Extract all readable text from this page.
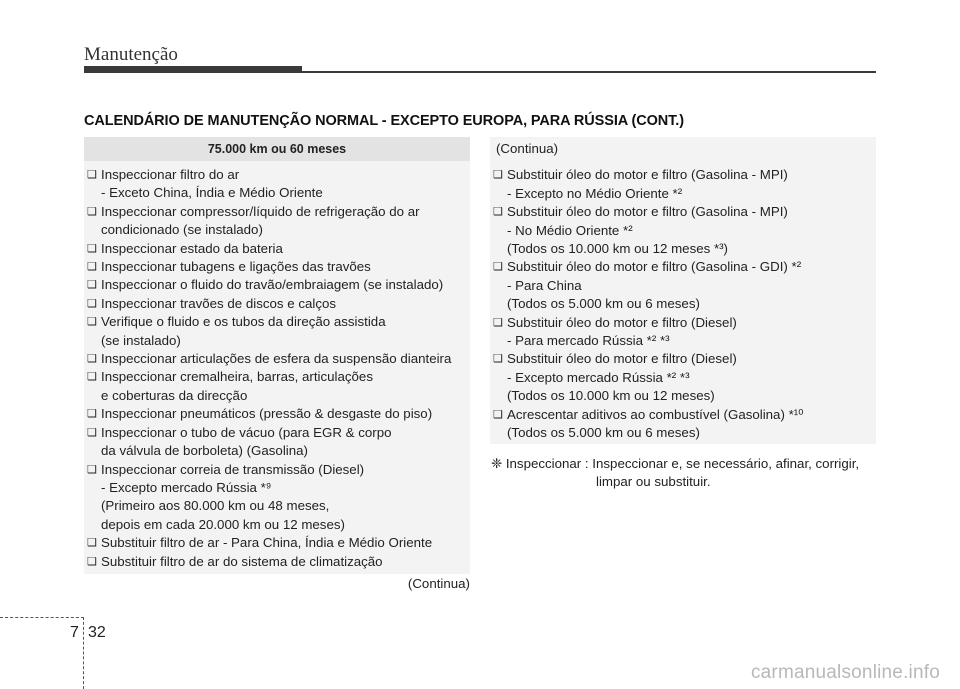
Manutenção
CALENDÁRIO DE MANUTENÇÃO NORMAL - EXCEPTO EUROPA, PARA RÚSSIA (CONT.)
75.000 km ou 60 meses
❑ Inspeccionar filtro do ar
- Exceto China, Índia e Médio Oriente
❑ Inspeccionar compressor/líquido de refrigeração do ar
condicionado (se instalado)
❑ Inspeccionar estado da bateria
❑ Inspeccionar tubagens e ligações das travões
❑ Inspeccionar o fluido do travão/embraiagem (se instalado)
❑ Inspeccionar travões de discos e calços
❑ Verifique o fluido e os tubos da direção assistida
(se instalado)
❑ Inspeccionar articulações de esfera da suspensão dianteira
❑ Inspeccionar cremalheira, barras, articulações
e coberturas da direcção
❑ Inspeccionar pneumáticos (pressão & desgaste do piso)
❑ Inspeccionar o tubo de vácuo (para EGR & corpo
da válvula de borboleta) (Gasolina)
❑ Inspeccionar correia de transmissão (Diesel)
- Excepto mercado Rússia *⁹
(Primeiro aos 80.000 km ou 48 meses,
depois em cada 20.000 km ou 12 meses)
❑ Substituir filtro de ar - Para China, Índia e Médio Oriente
❑ Substituir filtro de ar do sistema de climatização
(Continua)
(Continua)
❑ Substituir óleo do motor e filtro (Gasolina - MPI)
- Excepto no Médio Oriente *²
❑ Substituir óleo do motor e filtro (Gasolina - MPI)
- No Médio Oriente *²
(Todos os 10.000 km ou 12 meses *³)
❑ Substituir óleo do motor e filtro (Gasolina - GDI) *²
- Para China
(Todos os 5.000 km ou 6 meses)
❑ Substituir óleo do motor e filtro (Diesel)
- Para mercado Rússia *² *³
❑ Substituir óleo do motor e filtro (Diesel)
- Excepto mercado Rússia *² *³
(Todos os 10.000 km ou 12 meses)
❑ Acrescentar aditivos ao combustível (Gasolina) *¹⁰
(Todos os 5.000 km ou 6 meses)
❈ Inspeccionar : Inspeccionar e, se necessário, afinar, corrigir,
limpar ou substituir.
7 32
carmanualsonline.info
